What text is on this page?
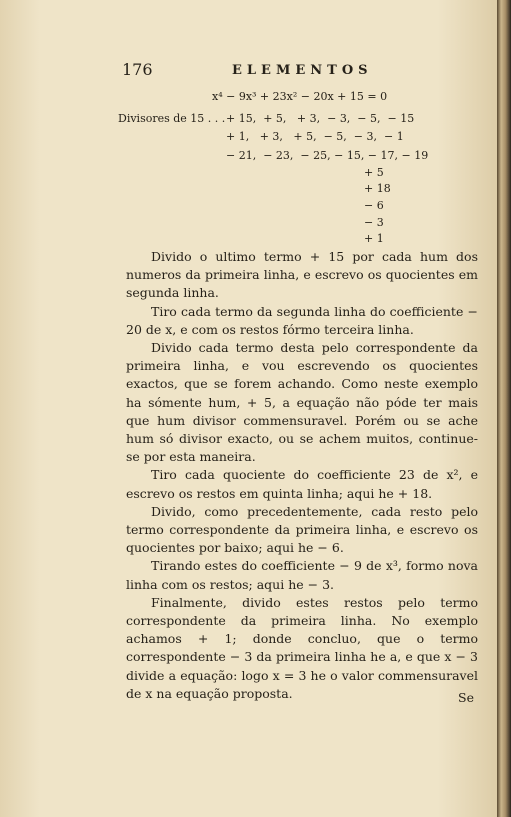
176	ELEMENTOS
x⁴ − 9x³ + 23x² − 20x + 15 = 0
Divisores de 15 . . . + 15,  + 5,   + 3,  − 3,  − 5,  − 15
+ 1,   + 3,   + 5,  − 5,  − 3,  − 1
− 21,  − 23,  − 25, − 15, − 17, − 19
+ 5
+ 18
− 6
− 3
+ 1

Divido o ultimo termo + 15 por cada hum dos numeros da primeira linha, e escrevo os quocientes em segunda linha.

Tiro cada termo da segunda linha do coefficiente − 20 de x, e com os restos fórmo terceira linha.

Divido cada termo desta pelo correspondente da primeira linha, e vou escrevendo os quocientes exactos, que se forem achando. Como neste exemplo ha sómente hum, + 5, a equação não póde ter mais que hum divisor commensuravel. Porém ou se ache hum só divisor exacto, ou se achem muitos, continue-se por esta maneira.

Tiro cada quociente do coefficiente 23 de x², e escrevo os restos em quinta linha; aqui he + 18.

Divido, como precedentemente, cada resto pelo termo correspondente da primeira linha, e escrevo os quocientes por baixo; aqui he − 6.

Tirando estes do coefficiente − 9 de x³, formo nova linha com os restos; aqui he − 3.

Finalmente, divido estes restos pelo termo correspondente da primeira linha. No exemplo achamos + 1; donde concluo, que o termo correspondente − 3 da primeira linha he a, e que x − 3 divide a equação: logo x = 3 he o valor commensuravel de x na equação proposta.	Se
